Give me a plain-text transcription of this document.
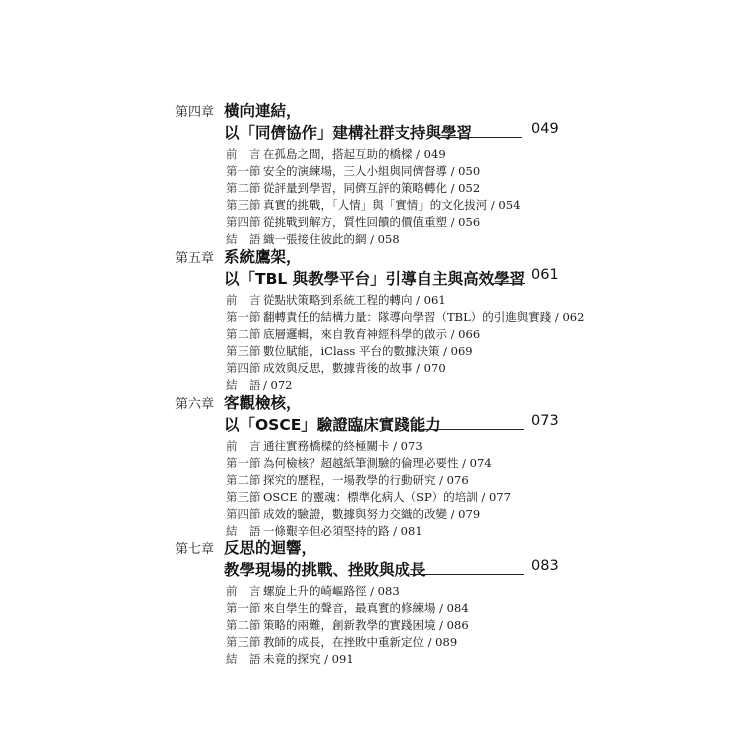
第四章 橫向連結，
以「同儕協作」建構社群支持與學習	049
前　言 在孤島之間，搭起互助的橋樑 / 049
第一節 安全的演練場，三人小組與同儕督導 / 050
第二節 從評量到學習，同儕互評的策略轉化 / 052
第三節 真實的挑戰，「人情」與「實情」的文化拔河 / 054
第四節 從挑戰到解方，質性回饋的價值重塑 / 056
結　語 織一張接住彼此的網 / 058
第五章 系統鷹架，
以「TBL 與教學平台」引導自主與高效學習 061
前　言 從點狀策略到系統工程的轉向 / 061
第一節 翻轉責任的結構力量：隊導向學習（TBL）的引進與實踐 / 062
第二節 底層邏輯，來自教育神經科學的啟示 / 066
第三節 數位賦能，iClass 平台的數據決策 / 069
第四節 成效與反思，數據背後的故事 / 070
結　語 / 072
第六章 客觀檢核，
以「OSCE」驗證臨床實踐能力	073
前　言 通往實務橋樑的終極關卡 / 073
第一節 為何檢核？超越紙筆測驗的倫理必要性 / 074
第二節 探究的歷程，一場教學的行動研究 / 076
第三節 OSCE 的靈魂：標準化病人（SP）的培訓 / 077
第四節 成效的驗證，數據與努力交織的改變 / 079
結　語 一條艱辛但必須堅持的路 / 081
第七章 反思的迴響，
教學現場的挑戰、挫敗與成長	083
前　言 螺旋上升的崎嶇路徑 / 083
第一節 來自學生的聲音，最真實的修練場 / 084
第二節 策略的兩難，創新教學的實踐困境 / 086
第三節 教師的成長，在挫敗中重新定位 / 089
結　語 未竟的探究 / 091
